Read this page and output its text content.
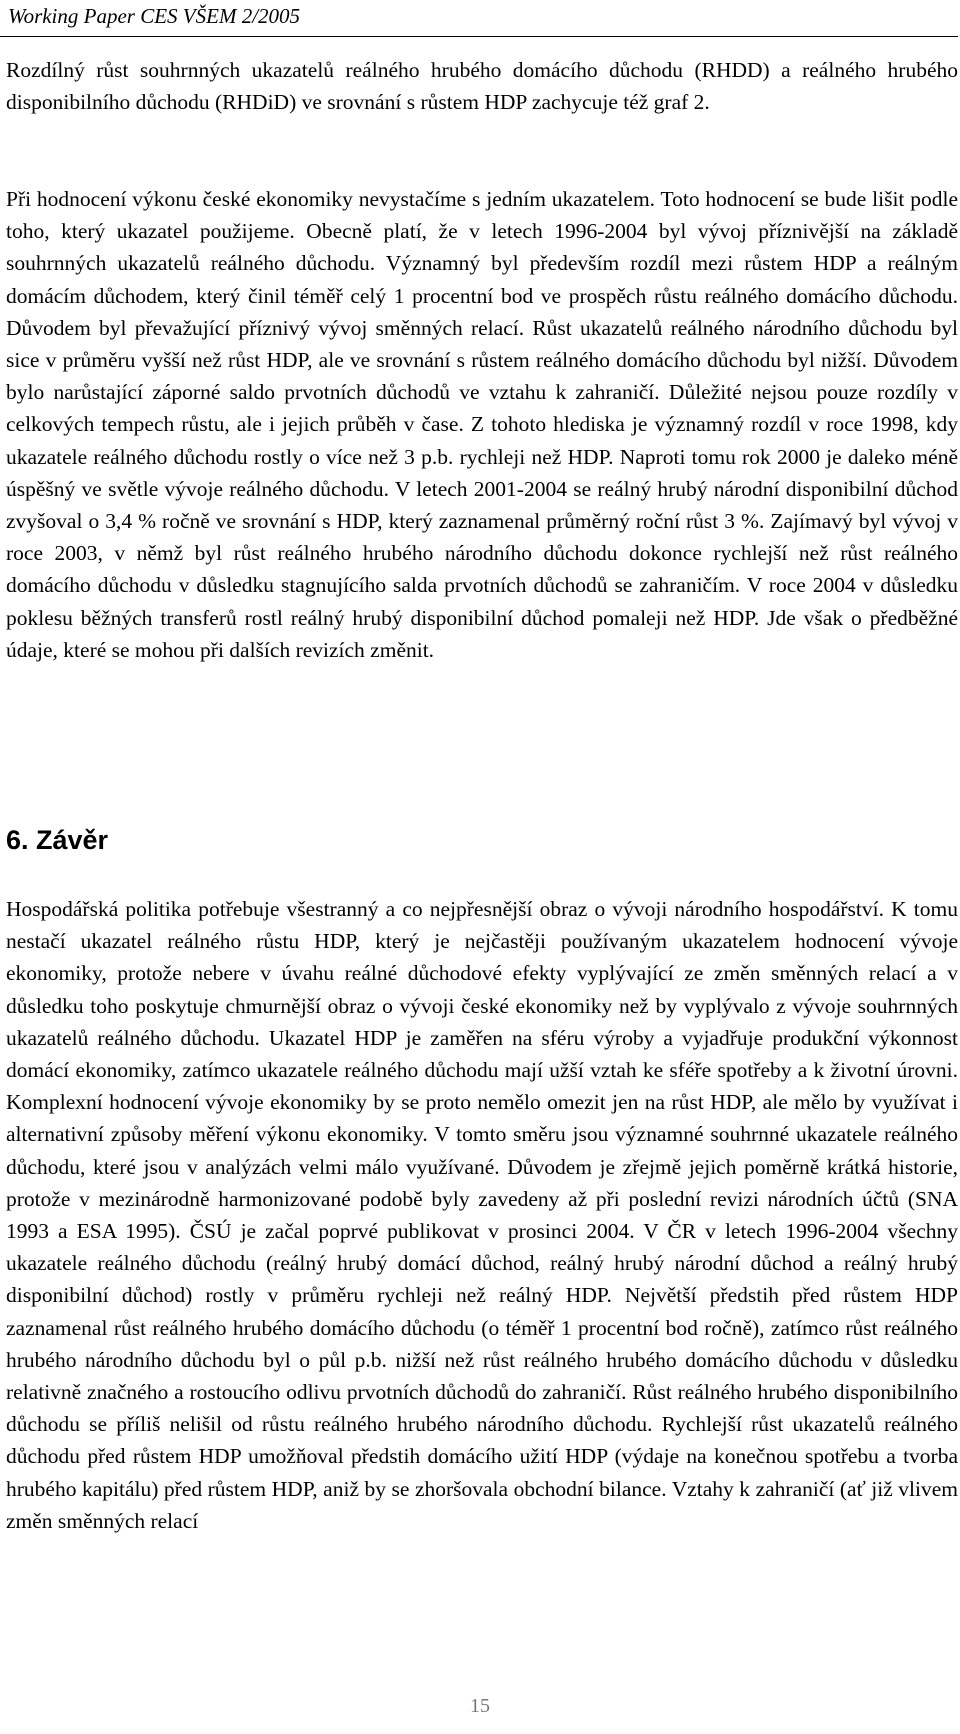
Working Paper CES VŠEM 2/2005

Rozdílný růst souhrnných ukazatelů reálného hrubého domácího důchodu (RHDD) a reálného hrubého disponibilního důchodu (RHDiD) ve srovnání s růstem HDP zachycuje též graf 2.

Při hodnocení výkonu české ekonomiky nevystačíme s jedním ukazatelem. Toto hodnocení se bude lišit podle toho, který ukazatel použijeme. Obecně platí, že v letech 1996-2004 byl vývoj příznivější na základě souhrnných ukazatelů reálného důchodu. Významný byl především rozdíl mezi růstem HDP a reálným domácím důchodem, který činil téměř celý 1 procentní bod ve prospěch růstu reálného domácího důchodu. Důvodem byl převažující příznivý vývoj směnných relací. Růst ukazatelů reálného národního důchodu byl sice v průměru vyšší než růst HDP, ale ve srovnání s růstem reálného domácího důchodu byl nižší. Důvodem bylo narůstající záporné saldo prvotních důchodů ve vztahu k zahraničí. Důležité nejsou pouze rozdíly v celkových tempech růstu, ale i jejich průběh v čase. Z tohoto hlediska je významný rozdíl v roce 1998, kdy ukazatele reálného důchodu rostly o více než 3 p.b. rychleji než HDP. Naproti tomu rok 2000 je daleko méně úspěšný ve světle vývoje reálného důchodu. V letech 2001-2004 se reálný hrubý národní disponibilní důchod zvyšoval o 3,4 % ročně ve srovnání s HDP, který zaznamenal průměrný roční růst 3 %. Zajímavý byl vývoj v roce 2003, v němž byl růst reálného hrubého národního důchodu dokonce rychlejší než růst reálného domácího důchodu v důsledku stagnujícího salda prvotních důchodů se zahraničím. V roce 2004 v důsledku poklesu běžných transferů rostl reálný hrubý disponibilní důchod pomaleji než HDP. Jde však o předběžné údaje, které se mohou při dalších revizích změnit.

6. Závěr

Hospodářská politika potřebuje všestranný a co nejpřesnější obraz o vývoji národního hospodářství. K tomu nestačí ukazatel reálného růstu HDP, který je nejčastěji používaným ukazatelem hodnocení vývoje ekonomiky, protože nebere v úvahu reálné důchodové efekty vyplývající ze změn směnných relací a v důsledku toho poskytuje chmurnější obraz o vývoji české ekonomiky než by vyplývalo z vývoje souhrnných ukazatelů reálného důchodu. Ukazatel HDP je zaměřen na sféru výroby a vyjadřuje produkční výkonnost domácí ekonomiky, zatímco ukazatele reálného důchodu mají užší vztah ke sféře spotřeby a k životní úrovni. Komplexní hodnocení vývoje ekonomiky by se proto nemělo omezit jen na růst HDP, ale mělo by využívat i alternativní způsoby měření výkonu ekonomiky. V tomto směru jsou významné souhrnné ukazatele reálného důchodu, které jsou v analýzách velmi málo využívané. Důvodem je zřejmě jejich poměrně krátká historie, protože v mezinárodně harmonizované podobě byly zavedeny až při poslední revizi národních účtů (SNA 1993 a ESA 1995). ČSÚ je začal poprvé publikovat v prosinci 2004. V ČR v letech 1996-2004 všechny ukazatele reálného důchodu (reálný hrubý domácí důchod, reálný hrubý národní důchod a reálný hrubý disponibilní důchod) rostly v průměru rychleji než reálný HDP. Největší předstih před růstem HDP zaznamenal růst reálného hrubého domácího důchodu (o téměř 1 procentní bod ročně), zatímco růst reálného hrubého národního důchodu byl o půl p.b. nižší než růst reálného hrubého domácího důchodu v důsledku relativně značného a rostoucího odlivu prvotních důchodů do zahraničí. Růst reálného hrubého disponibilního důchodu se příliš nelišil od růstu reálného hrubého národního důchodu. Rychlejší růst ukazatelů reálného důchodu před růstem HDP umožňoval předstih domácího užití HDP (výdaje na konečnou spotřebu a tvorba hrubého kapitálu) před růstem HDP, aniž by se zhoršovala obchodní bilance. Vztahy k zahraničí (ať již vlivem změn směnných relací

15
